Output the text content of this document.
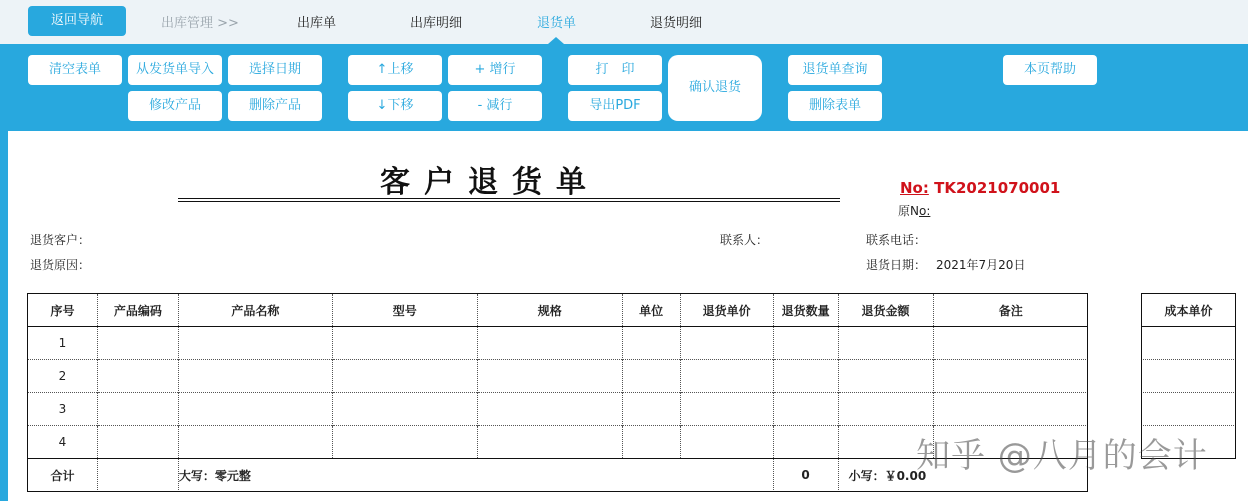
返回导航	出库管理 >>	出库单	出库明细	退货单	退货明细
清空表单	从发货单导入	选择日期
修改产品	删除产品
↑上移	+ 增行
↓下移	- 减行
打　印
导出PDF
确认退货
退货单查询
删除表单
本页帮助
客户退货单	No: TK2021070001
原No:
退货客户：
退货原因：
联系人：	联系电话：
退货日期： 2021年7月20日
序号	产品编码	产品名称	型号	规格	单位	退货单价	退货数量	退货金额	备注
1									
2									
3									
4									
合计		大写：零元整					0	小写：￥0.00	
成本单价

知乎 @八月的会计
